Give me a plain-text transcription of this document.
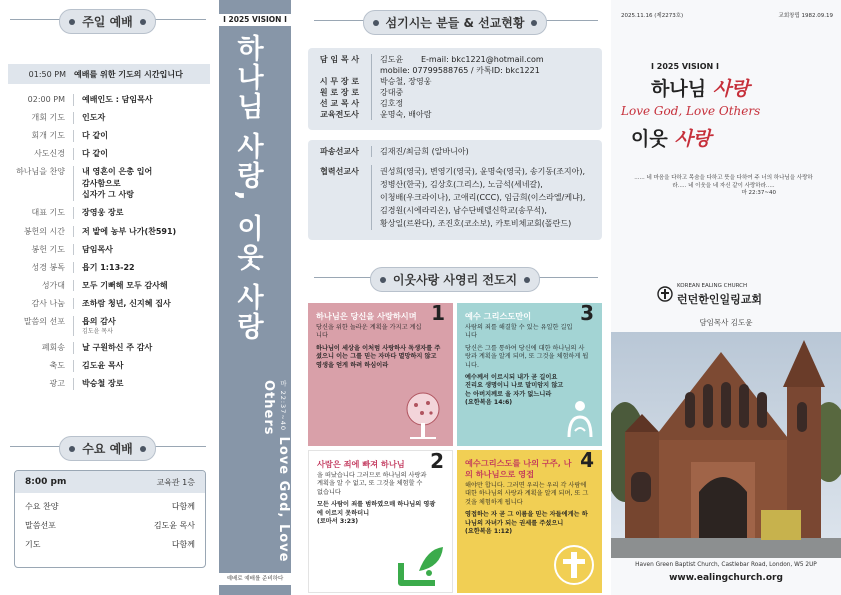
주일 예배
01:50 PM	예배를 위한 기도의 시간입니다
02:00 PM	예배인도 : 담임목사
개회 기도	인도자
회개 기도	다 같이
사도신경	다 같이
하나님을 찬양	내 영혼이 은총 입어
감사함으로
십자가 그 사랑
대표 기도	장영웅 장로
봉헌의 시간	저 밭에 농부 나가(찬591)
봉헌 기도	담임목사
성경 봉독	욥기 1:13-22
성가대	모두 기뻐해 모두 감사해
감사 나눔	조하람 청년, 신지혜 집사
말씀의 선포	욥의 감사
김도윤 목사
폐회송	날 구원하신 주 감사
축도	김도윤 목사
광고	박승철 장로
수요 예배
8:00 pm	교육관 1층
수요 찬양	다함께
말씀선포	김도윤 목사
기도	다함께
I 2025 VISION I
하나님 사랑, 이웃 사랑
마 22:37~40 Love God, Love Others
예배로 예배를 준비하다
섬기시는 분들 & 선교현황
담 임 목 사	김도윤       E-mail: bkc1221@hotmail.com
mobile: 07799588765 / 카톡ID: bkc1221
시 무 장 로	박승철, 장영웅
원 로 장 로	강대중
선 교 목 사	김호정
교육전도사	윤명숙, 배아람
파송선교사	김재진/최금희 (알바니아)
협력선교사	권성희(영국), 변영기(영국), 윤명숙(영국), 송기동(조지아),
정병산(한국), 김상호(그리스), 노금석(세네갈),
이청배(우크라이나), 고애리(CCC), 임금희(이스라엘/케냐),
김경원(시에라리온), 남수단베델신학교(송무석),
황상일(르완다), 조진호(코소보), 카토비체교회(폴란드)
이웃사랑 사영리 전도지
1
하나님은 당신을 사랑하시며

당신을 위한 놀라운 계획을 가지고 계십니다

하나님이 세상을 이처럼 사랑하사 독생자를 주셨으니 이는 그를 믿는 자마다 멸망하지 않고 영생을 얻게 하려 하심이라

3
예수 그리스도만이

사람의 죄를 해결할 수 있는 유일한 길입니다

당신은 그를 통하여 당신에 대한 하나님의 사랑과 계획을 알게 되며, 또 그것을 체험하게 됩니다.

예수께서 이르시되 내가 곧 길이요 진리요 생명이니 나로 말미암지 않고는 아버지께로 올 자가 없느니라
(요한복음 14:6)

2
사람은 죄에 빠져 하나님

을 떠났습니다 그러므로 하나님의 사랑과 계획을 알 수 없고, 또 그것을 체험할 수 없습니다

모든 사람이 죄를 범하였으매 하나님의 영광에 이르지 못하더니
(로마서 3:23)

4
예수그리스도를 나의 구주, 나의 하나님으로 영접

해야만 합니다. 그러면 우리는 우리 각 사람에 대한 하나님의 사랑과 계획을 알게 되며, 또 그것을 체험하게 됩니다

영접하는 자 곧 그 이름을 믿는 자들에게는 하나님의 자녀가 되는 권세를 주셨으니
(요한복음 1:12)

2025.11.16 (제2273호)	교회창립 1982.09.19
I 2025 VISION I
하나님 사랑
Love God, Love Others
이웃 사랑
...... 네 마음을 다하고 목숨을 다하고 뜻을 다하여 주 너의 하나님을 사랑하라..... 네 이웃을 네 자신 같이 사랑하라.....
마 22:37~40
KOREAN EALING CHURCH
런던한인일링교회
담임목사 김도윤
Haven Green Baptist Church, Castlebar Road, London, W5 2UP
www.ealingchurch.org
